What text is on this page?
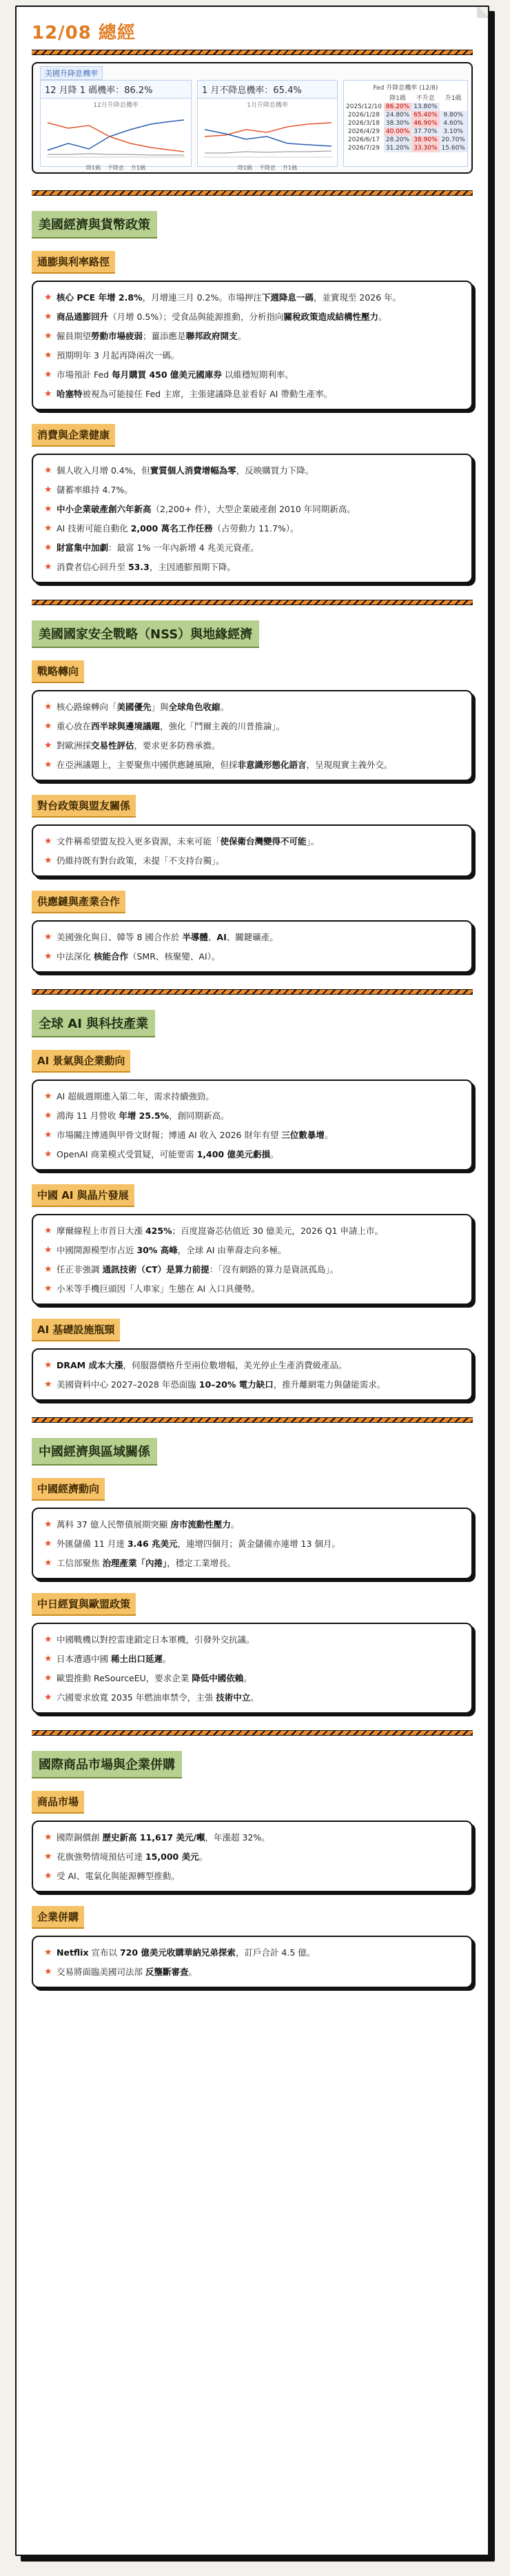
12/08 總經
美國升降息機率
12 月降 1 碼機率：86.2%
12月升降息機率
降1碼 不降息 升1碼
1 月不降息機率：65.4%
1月升降息機率
降1碼 不降息 升1碼
Fed 升降息機率 (12/8)
	降1碼	不升息	升1碼
2025/12/10	86.20%	13.80%	
2026/1/28	24.80%	65.40%	9.80%
2026/3/18	38.30%	46.90%	4.60%
2026/4/29	40.00%	37.70%	3.10%
2026/6/17	28.20%	38.90%	20.70%
2026/7/29	31.20%	33.30%	15.60%
美國經濟與貨幣政策
通膨與利率路徑
★ 核心 PCE 年增 2.8%，月增連三月 0.2%。市場押注下週降息一碼，並實現至 2026 年。
★ 商品通膨回升（月增 0.5%）；受食品與能源推動，分析指向關稅政策造成結構性壓力。
★ 僱員期望勞動市場疲弱；薑添應是聯邦政府開支。
★ 預期明年 3 月起再降兩次一碼。
★ 市場預計 Fed 每月購買 450 億美元國庫券 以維穩短期利率。
★ 哈塞特被視為可能接任 Fed 主席，主張建議降息並看好 AI 帶動生產率。
消費與企業健康
★ 個人收入月增 0.4%，但實質個人消費增幅為零，反映購買力下降。
★ 儲蓄率維持 4.7%。
★ 中小企業破產創六年新高（2,200+ 件），大型企業破產創 2010 年同期新高。
★ AI 技術可能自動化 2,000 萬名工作任務（占勞動力 11.7%）。
★ 財富集中加劇：最富 1% 一年內新增 4 兆美元資產。
★ 消費者信心回升至 53.3，主因通膨預期下降。
美國國家安全戰略（NSS）與地緣經濟
戰略轉向
★ 核心路線轉向「美國優先」與全球角色收縮。
★ 重心放在西半球與邊境議題，強化「鬥爾主義的川普推論」。
★ 對歐洲採交易性評估，要求更多防務承擔。
★ 在亞洲議題上，主要聚焦中國供應鏈風險，但採非意識形態化語言，呈現現實主義外交。
對台政策與盟友關係
★ 文件稱希望盟友投入更多資源，未來可能「使保衛台灣變得不可能」。
★ 仍維持既有對台政策，未提「不支持台獨」。
供應鏈與產業合作
★ 美國強化與日、韓等 8 國合作於 半導體、AI、關鍵礦產。
★ 中法深化 核能合作（SMR、核聚變、AI）。
全球 AI 與科技產業
AI 景氣與企業動向
★ AI 超級週期進入第二年，需求持續強勁。
★ 鴻海 11 月營收 年增 25.5%，創同期新高。
★ 市場關注博通與甲骨文財報；博通 AI 收入 2026 財年有望 三位數暴增。
★ OpenAI 商業模式受質疑，可能要需 1,400 億美元虧損。
中國 AI 與晶片發展
★ 摩爾線程上市首日大漲 425%；百度崑崙芯估值近 30 億美元，2026 Q1 申請上市。
★ 中國開源模型市占近 30% 高峰，全球 AI 由華裔走向多極。
★ 任正非強調 通訊技術（CT）是算力前提：「沒有網路的算力是資訊孤島」。
★ 小米等手機巨頭因「人車家」生態在 AI 入口具優勢。
AI 基礎設施瓶頸
★ DRAM 成本大漲，伺服器價格升至兩位數增幅，美光停止生產消費級產品。
★ 美國資料中心 2027–2028 年恐面臨 10–20% 電力缺口，推升離網電力與儲能需求。
中國經濟與區域關係
中國經濟動向
★ 萬科 37 億人民幣債展期突顯 房市流動性壓力。
★ 外匯儲備 11 月達 3.46 兆美元，連增四個月；黃金儲備亦連增 13 個月。
★ 工信部聚焦 治理產業「內捲」，穩定工業增長。
中日經貿與歐盟政策
★ 中國戰機以對控雷達鎖定日本軍機，引發外交抗議。
★ 日本遭遇中國 稀土出口延遲。
★ 歐盟推動 ReSourceEU，要求企業 降低中國依賴。
★ 六國要求放寬 2035 年燃油車禁令，主張 技術中立。
國際商品市場與企業併購
商品市場
★ 國際銅價創 歷史新高 11,617 美元/噸，年漲超 32%。
★ 花旗強勢情境預估可達 15,000 美元。
★ 受 AI、電氣化與能源轉型推動。
企業併購
★ Netflix 宣布以 720 億美元收購華納兄弟探索，訂戶合計 4.5 億。
★ 交易將面臨美國司法部 反壟斷審查。
